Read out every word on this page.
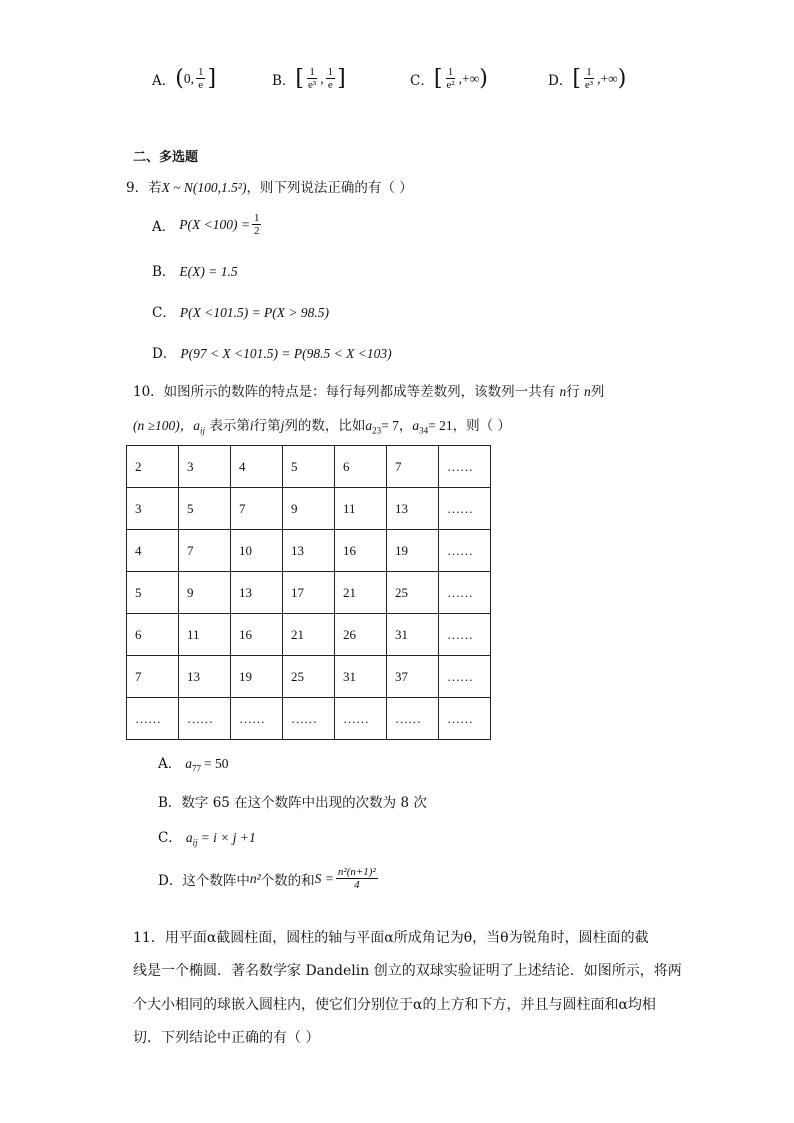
A． ( 0, $\frac{1}{e}$ ]	B． [ $\frac{1}{\text{e³}}$ , $\frac{1}{e}$ ]	C． [ $\frac{1}{\text{e²}}$ ,+∞ )	D． [ $\frac{1}{\text{e³}}$ ,+∞ )
二、多选题
9．若X ~ N(100,1.5²)，则下列说法正确的有（ ）
A． $P(X <100) = \frac{1}{2}$
B． E(X) = 1.5
C． P(X <101.5) = P(X > 98.5)
D． P(97 < X <101.5) = P(98.5 < X <103)
10．如图所示的数阵的特点是：每行每列都成等差数列，该数列一共有 n行 n列
(n ≥100)，$a_{ij}$ 表示第i行第j列的数，比如$a_{23}= 7$，$a_{34}= 21$，则（ ）
2	3	4	5	6	7	……
3	5	7	9	11	13	……
4	7	10	13	16	19	……
5	9	13	17	21	25	……
6	11	16	21	26	31	……
7	13	19	25	31	37	……
……	……	……	……	……	……	……
A． $a_{77} = 50$
B．数字 65 在这个数阵中出现的次数为 8 次
C． $a_{ij} = i \times j +1$
D． 这个数阵中 n² 个数的和 $S = \frac{\text{n²(n+1)²}}{4}$
11．用平面α截圆柱面，圆柱的轴与平面α所成角记为θ，当θ为锐角时，圆柱面的截
线是一个椭圆．著名数学家 Dandelin 创立的双球实验证明了上述结论．如图所示，将两
个大小相同的球嵌入圆柱内，使它们分别位于α的上方和下方，并且与圆柱面和α均相
切．下列结论中正确的有（ ）
